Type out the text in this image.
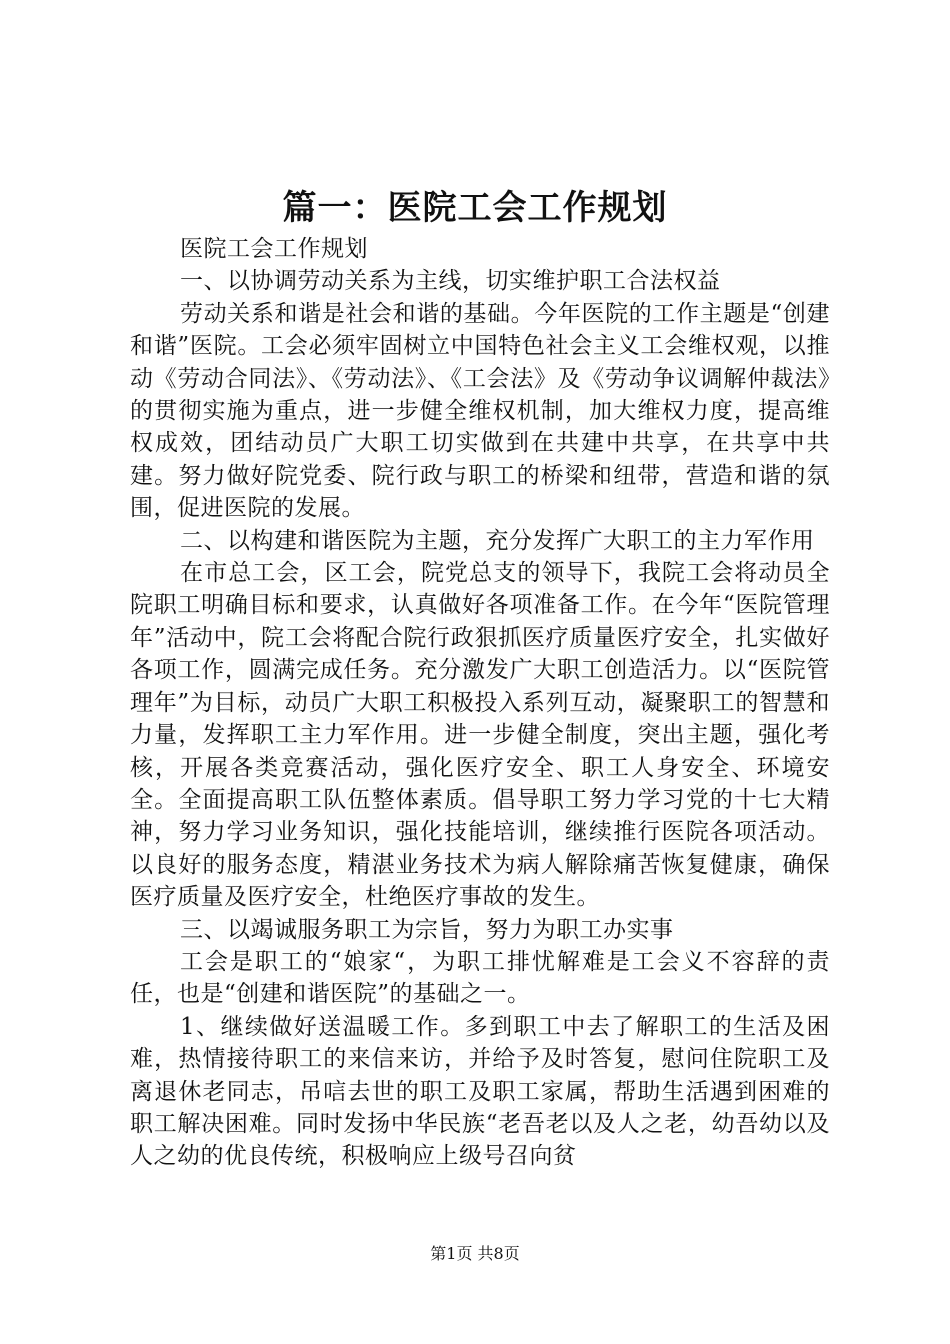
篇一：医院工会工作规划

医院工会工作规划

一、以协调劳动关系为主线，切实维护职工合法权益

劳动关系和谐是社会和谐的基础。今年医院的工作主题是“创建和谐”医院。工会必须牢固树立中国特色社会主义工会维权观，以推动《劳动合同法》、《劳动法》、《工会法》及《劳动争议调解仲裁法》的贯彻实施为重点，进一步健全维权机制，加大维权力度，提高维权成效，团结动员广大职工切实做到在共建中共享，在共享中共建。努力做好院党委、院行政与职工的桥梁和纽带，营造和谐的氛围，促进医院的发展。

二、以构建和谐医院为主题，充分发挥广大职工的主力军作用

在市总工会，区工会，院党总支的领导下，我院工会将动员全院职工明确目标和要求，认真做好各项准备工作。在今年“医院管理年”活动中，院工会将配合院行政狠抓医疗质量医疗安全，扎实做好各项工作，圆满完成任务。充分激发广大职工创造活力。以“医院管理年”为目标，动员广大职工积极投入系列互动，凝聚职工的智慧和力量，发挥职工主力军作用。进一步健全制度，突出主题，强化考核，开展各类竞赛活动，强化医疗安全、职工人身安全、环境安全。全面提高职工队伍整体素质。倡导职工努力学习党的十七大精神，努力学习业务知识，强化技能培训，继续推行医院各项活动。以良好的服务态度，精湛业务技术为病人解除痛苦恢复健康，确保医疗质量及医疗安全，杜绝医疗事故的发生。

三、以竭诚服务职工为宗旨，努力为职工办实事

工会是职工的“娘家“，为职工排忧解难是工会义不容辞的责任，也是“创建和谐医院”的基础之一。

1、继续做好送温暖工作。多到职工中去了解职工的生活及困难，热情接待职工的来信来访，并给予及时答复，慰问住院职工及离退休老同志，吊唁去世的职工及职工家属，帮助生活遇到困难的职工解决困难。同时发扬中华民族“老吾老以及人之老，幼吾幼以及人之幼的优良传统，积极响应上级号召向贫

第1页 共8页
